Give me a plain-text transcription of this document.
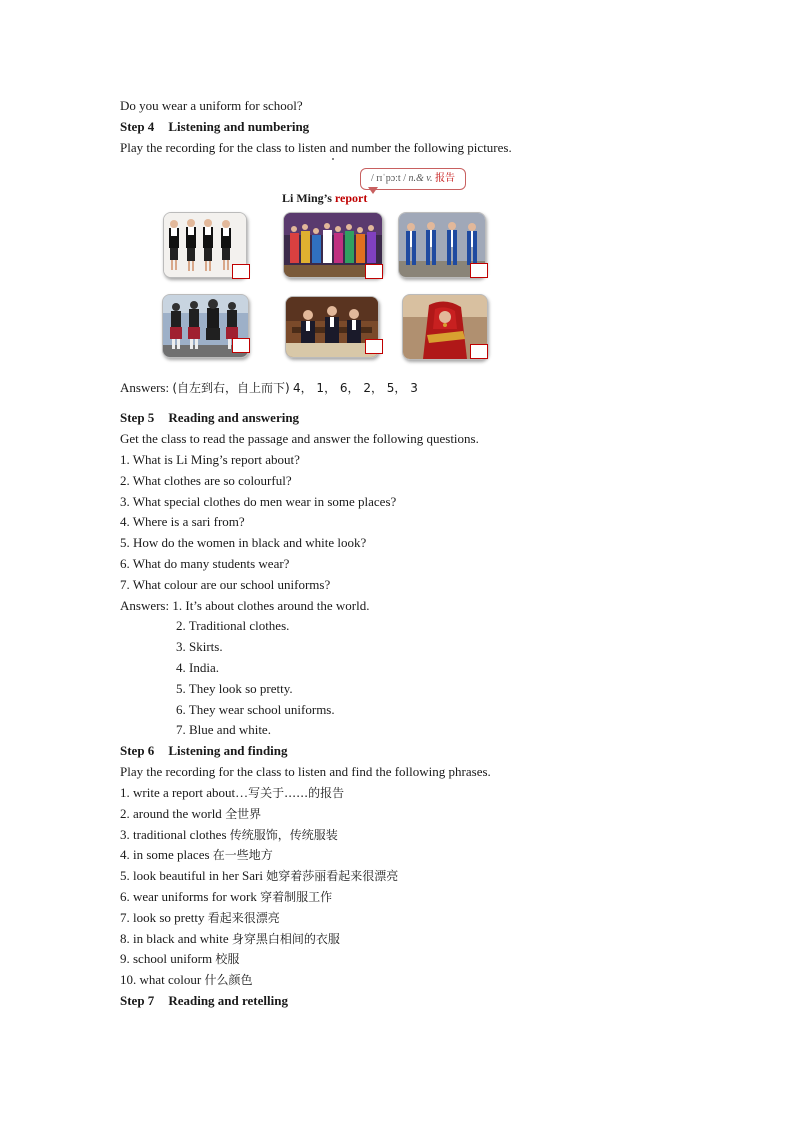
Do you wear a uniform for school?
Step 4 Listening and numbering
Play the recording for the class to listen and number the following pictures.
/ rɪˈpɔːt / n.& v. 报告
Li Ming’s report
Answers: (自左到右，自上而下) 4， 1， 6， 2， 5， 3
Step 5 Reading and answering
Get the class to read the passage and answer the following questions.
1. What is Li Ming’s report about?
2. What clothes are so colourful?
3. What special clothes do men wear in some places?
4. Where is a sari from?
5. How do the women in black and white look?
6. What do many students wear?
7. What colour are our school uniforms?
Answers: 1. It’s about clothes around the world.
2. Traditional clothes.
3. Skirts.
4. India.
5. They look so pretty.
6. They wear school uniforms.
7. Blue and white.
Step 6 Listening and finding
Play the recording for the class to listen and find the following phrases.
1. write a report about…写关于……的报告
2. around the world 全世界
3. traditional clothes 传统服饰，传统服装
4. in some places 在一些地方
5. look beautiful in her Sari 她穿着莎丽看起来很漂亮
6. wear uniforms for work 穿着制服工作
7. look so pretty 看起来很漂亮
8. in black and white 身穿黑白相间的衣服
9. school uniform 校服
10. what colour 什么颜色
Step 7 Reading and retelling
